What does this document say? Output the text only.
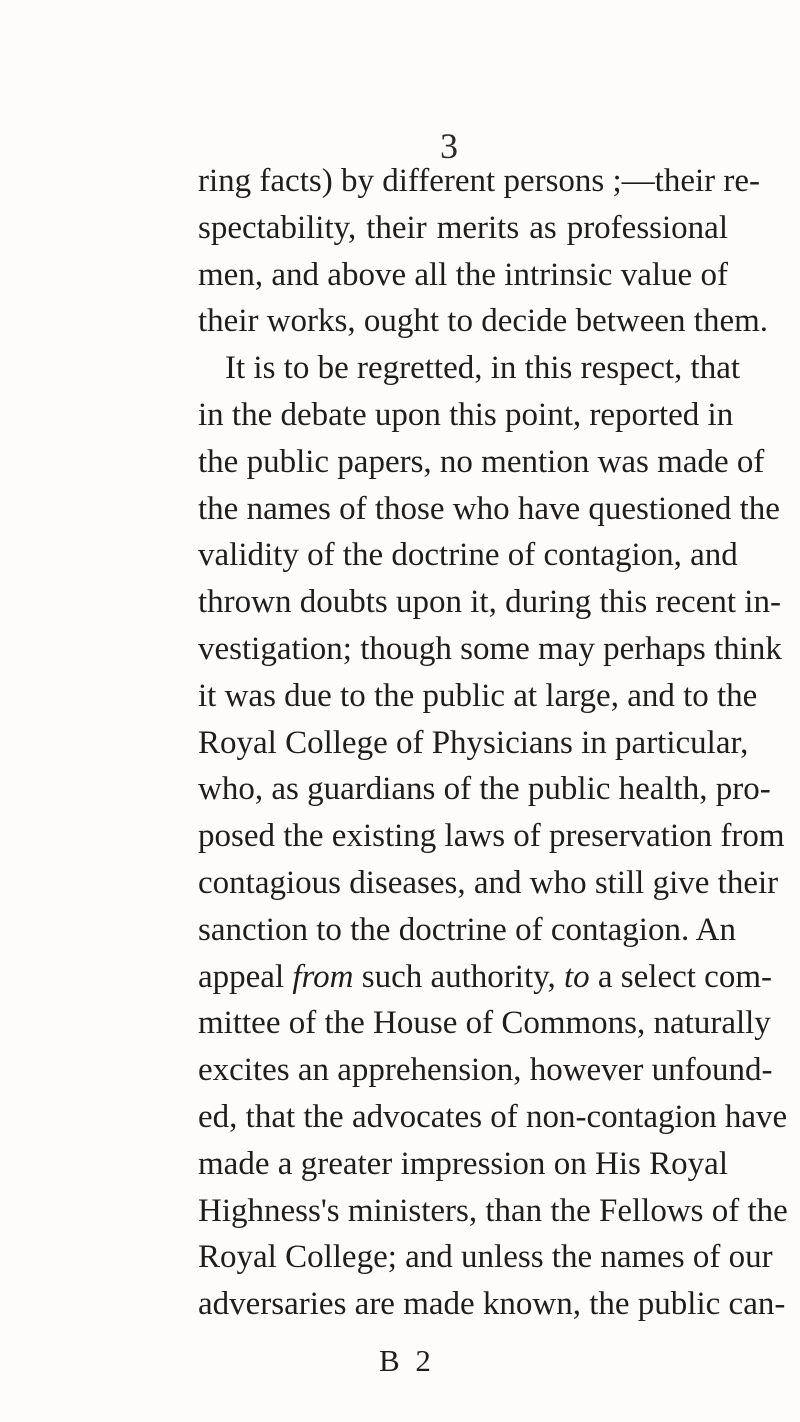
3
ring facts) by different persons ;—their re-
spectability, their merits as professional
men, and above all the intrinsic value of
their works, ought to decide between them.
It is to be regretted, in this respect, that
in the debate upon this point, reported in
the public papers, no mention was made of
the names of those who have questioned the
validity of the doctrine of contagion, and
thrown doubts upon it, during this recent in-
vestigation; though some may perhaps think
it was due to the public at large, and to the
Royal College of Physicians in particular,
who, as guardians of the public health, pro-
posed the existing laws of preservation from
contagious diseases, and who still give their
sanction to the doctrine of contagion. An
appeal from such authority, to a select com-
mittee of the House of Commons, naturally
excites an apprehension, however unfound-
ed, that the advocates of non-contagion have
made a greater impression on His Royal
Highness's ministers, than the Fellows of the
Royal College; and unless the names of our
adversaries are made known, the public can-
B 2
